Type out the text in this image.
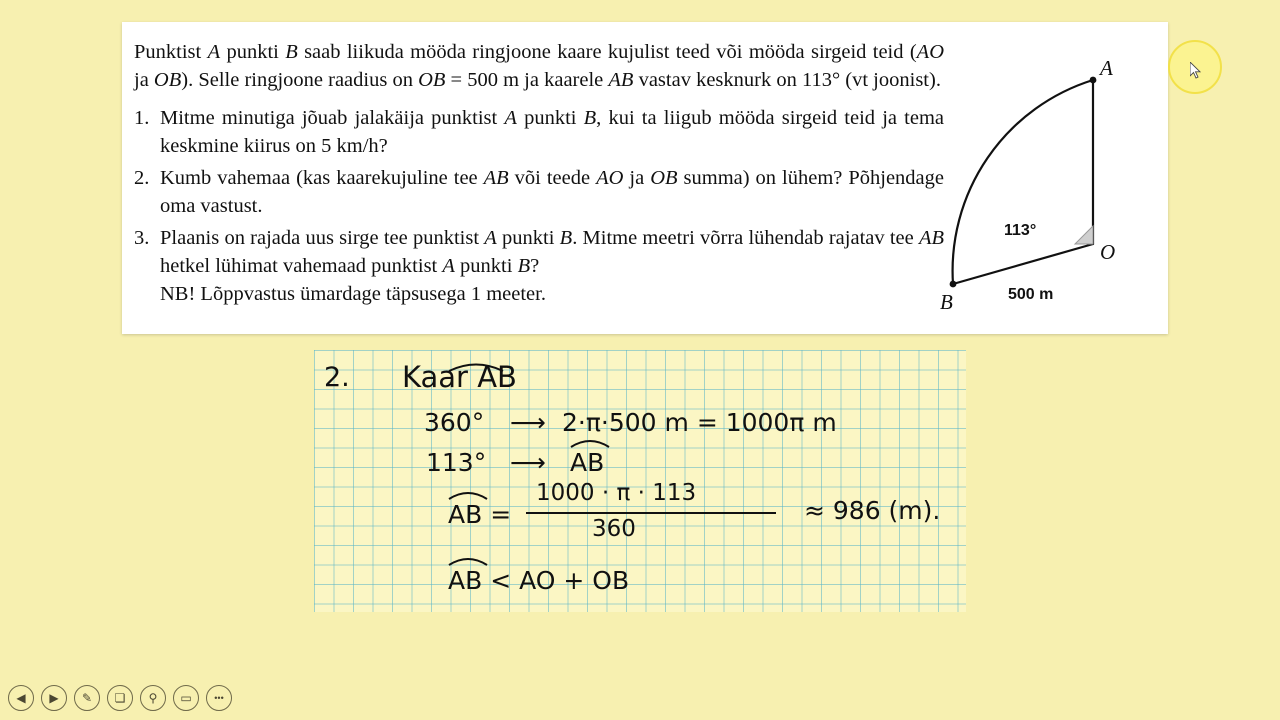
Punktist A punkti B saab liikuda mööda ringjoone kaare kujulist teed või mööda sirgeid teid (AO ja OB). Selle ringjoone raadius on OB = 500 m ja kaarele AB vastav kesknurk on 113° (vt joonist).

1. Mitme minutiga jõuab jalakäija punktist A punkti B, kui ta liigub mööda sirgeid teid ja tema keskmine kiirus on 5 km/h?
2. Kumb vahemaa (kas kaarekujuline tee AB või teede AO ja OB summa) on lühem? Põhjendage oma vastust.
3. Plaanis on rajada uus sirge tee punktist A punkti B. Mitme meetri võrra lühendab rajatav tee AB hetkel lühimat vahemaad punktist A punkti B?
NB! Lõppvastus ümardage täpsusega 1 meeter.
A
O
B
113°
500 m
2. Kaar AB
360° ⟶ 2·π·500 m = 1000π m
113° ⟶ AB
AB =
1000 · π · 113
360
≈ 986 (m).
AB < AO + OB
◀ ▶ ✎ ❏ ⚲ ▭	•••
